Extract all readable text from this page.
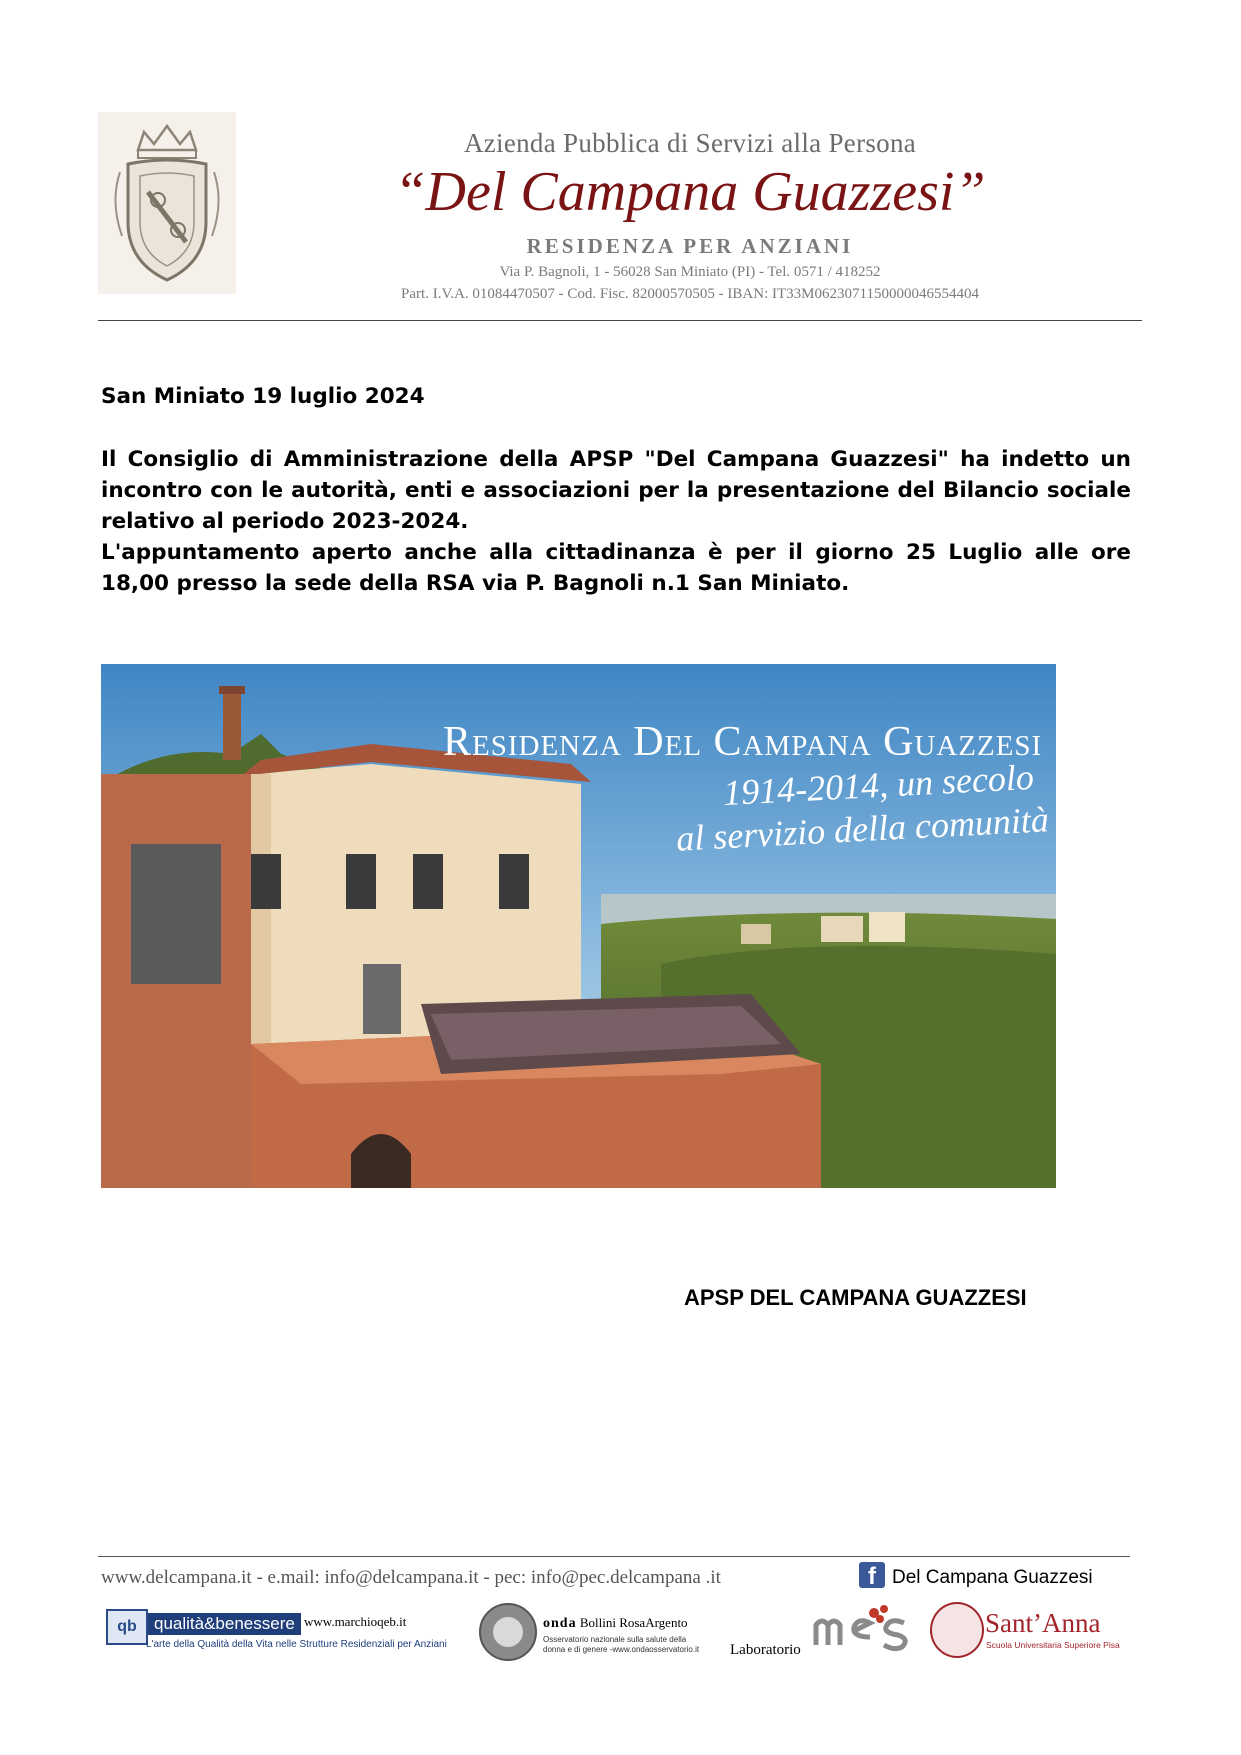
Azienda Pubblica di Servizi alla Persona
“Del Campana Guazzesi”
RESIDENZA PER ANZIANI
Via P. Bagnoli, 1 - 56028 San Miniato (PI) - Tel. 0571 / 418252
Part. I.V.A. 01084470507 - Cod. Fisc. 82000570505 - IBAN: IT33M0623071150000046554404
San Miniato 19 luglio 2024

Il Consiglio di Amministrazione della APSP "Del Campana Guazzesi" ha indetto un incontro con le autorità, enti e associazioni per la presentazione del Bilancio sociale relativo al periodo 2023-2024.

L'appuntamento aperto anche alla cittadinanza è per il giorno 25 Luglio alle ore 18,00 presso la sede della RSA via P. Bagnoli n.1 San Miniato.

Residenza Del Campana Guazzesi
1914-2014, un secolo
al servizio della comunità
APSP DEL CAMPANA GUAZZESI
www.delcampana.it - e.mail: info@delcampana.it - pec: info@pec.delcampana .it	f Del Campana Guazzesi
qb	qualità&benessere www.marchioqeb.it
L'arte della Qualità della Vita nelle Strutture Residenziali per Anziani
onda Bollini RosaArgento
Osservatorio nazionale sulla salute della donna e di genere -www.ondaosservatorio.it	Laboratorio
Sant’Anna
Scuola Universitaria Superiore Pisa
